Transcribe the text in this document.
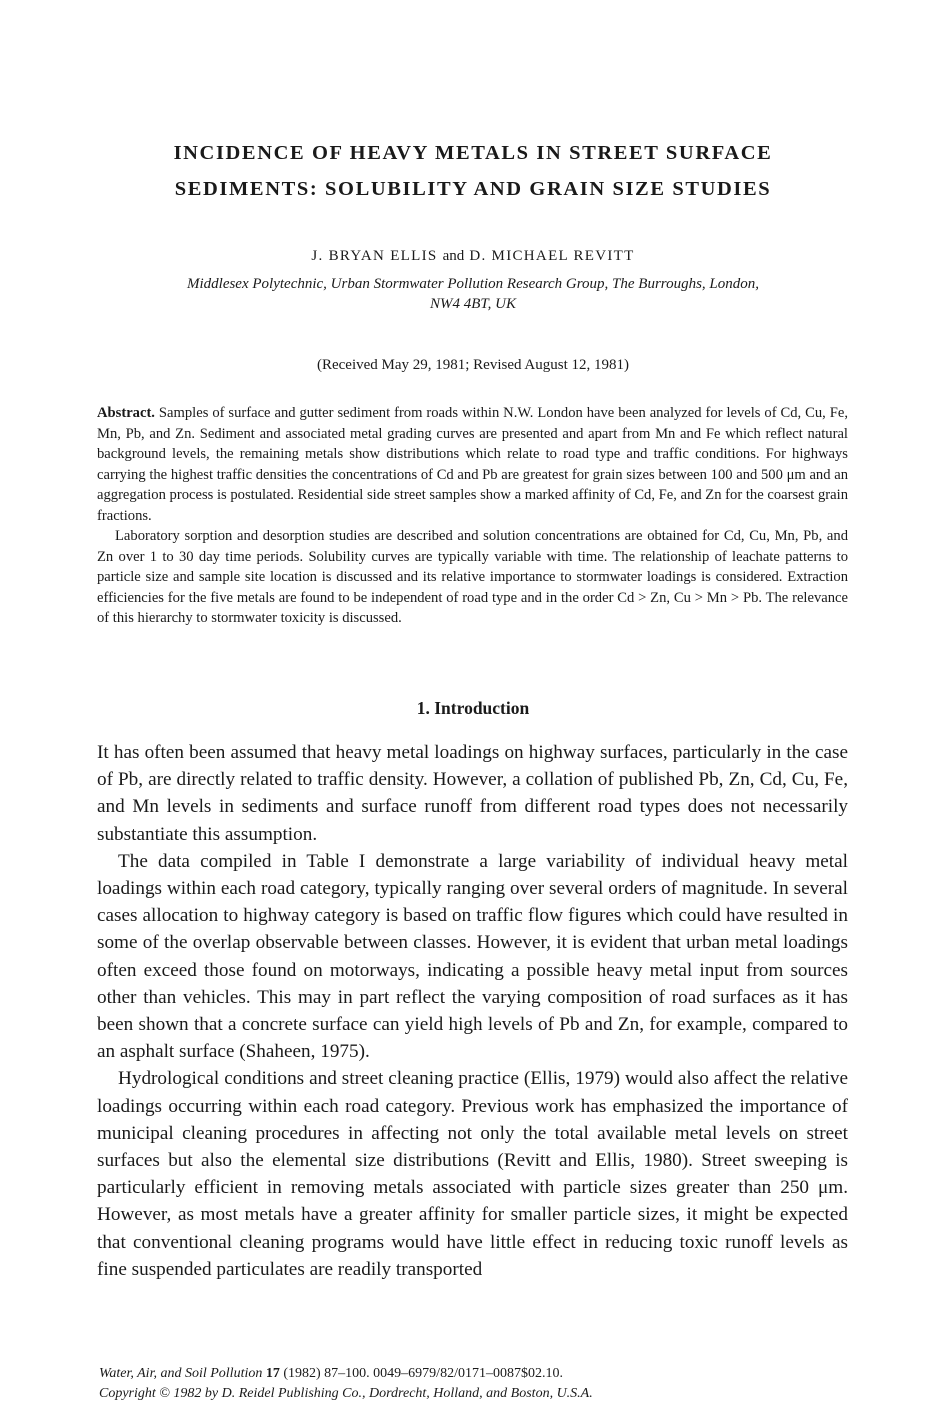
INCIDENCE OF HEAVY METALS IN STREET SURFACE
SEDIMENTS: SOLUBILITY AND GRAIN SIZE STUDIES
J. BRYAN ELLIS and D. MICHAEL REVITT
Middlesex Polytechnic, Urban Stormwater Pollution Research Group, The Burroughs, London,
NW4 4BT, UK
(Received May 29, 1981; Revised August 12, 1981)

Abstract. Samples of surface and gutter sediment from roads within N.W. London have been analyzed for levels of Cd, Cu, Fe, Mn, Pb, and Zn. Sediment and associated metal grading curves are presented and apart from Mn and Fe which reflect natural background levels, the remaining metals show distributions which relate to road type and traffic conditions. For highways carrying the highest traffic densities the concentrations of Cd and Pb are greatest for grain sizes between 100 and 500 μm and an aggregation process is postulated. Residential side street samples show a marked affinity of Cd, Fe, and Zn for the coarsest grain fractions.

Laboratory sorption and desorption studies are described and solution concentrations are obtained for Cd, Cu, Mn, Pb, and Zn over 1 to 30 day time periods. Solubility curves are typically variable with time. The relationship of leachate patterns to particle size and sample site location is discussed and its relative importance to stormwater loadings is considered. Extraction efficiencies for the five metals are found to be independent of road type and in the order Cd > Zn, Cu > Mn > Pb. The relevance of this hierarchy to stormwater toxicity is discussed.

1. Introduction

It has often been assumed that heavy metal loadings on highway surfaces, particularly in the case of Pb, are directly related to traffic density. However, a collation of published Pb, Zn, Cd, Cu, Fe, and Mn levels in sediments and surface runoff from different road types does not necessarily substantiate this assumption.

The data compiled in Table I demonstrate a large variability of individual heavy metal loadings within each road category, typically ranging over several orders of magnitude. In several cases allocation to highway category is based on traffic flow figures which could have resulted in some of the overlap observable between classes. However, it is evident that urban metal loadings often exceed those found on motorways, indicating a possible heavy metal input from sources other than vehicles. This may in part reflect the varying composition of road surfaces as it has been shown that a concrete surface can yield high levels of Pb and Zn, for example, compared to an asphalt surface (Shaheen, 1975).

Hydrological conditions and street cleaning practice (Ellis, 1979) would also affect the relative loadings occurring within each road category. Previous work has emphasized the importance of municipal cleaning procedures in affecting not only the total available metal levels on street surfaces but also the elemental size distributions (Revitt and Ellis, 1980). Street sweeping is particularly efficient in removing metals associated with particle sizes greater than 250 μm. However, as most metals have a greater affinity for smaller particle sizes, it might be expected that conventional cleaning programs would have little effect in reducing toxic runoff levels as fine suspended particulates are readily transported

Water, Air, and Soil Pollution 17 (1982) 87–100. 0049–6979/82/0171–0087$02.10.
Copyright © 1982 by D. Reidel Publishing Co., Dordrecht, Holland, and Boston, U.S.A.
